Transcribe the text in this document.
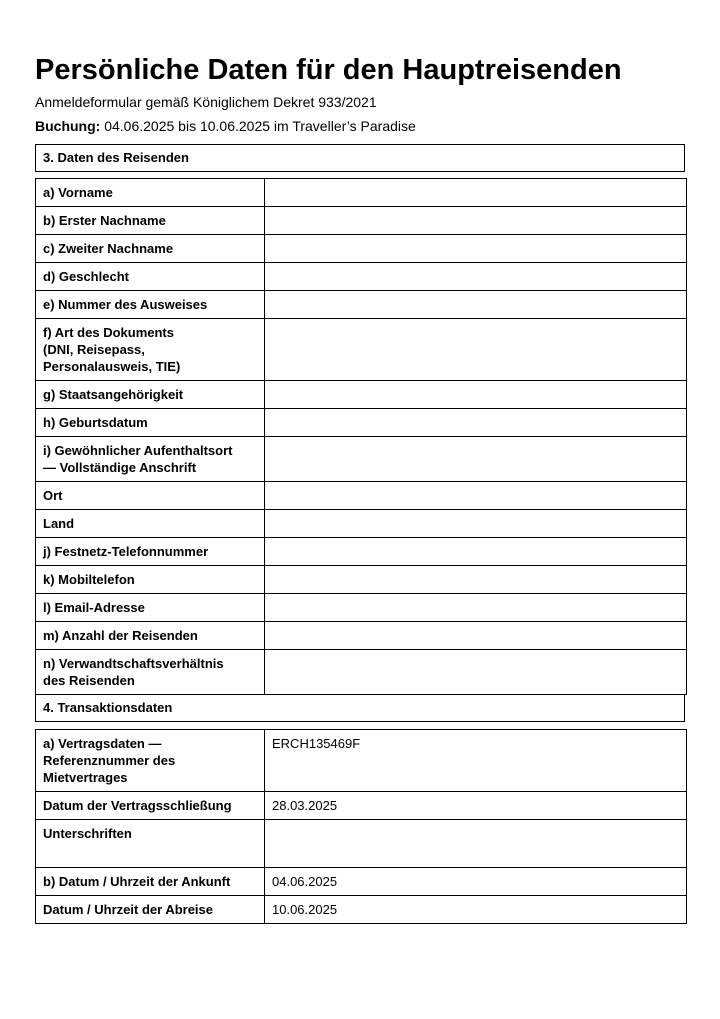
Persönliche Daten für den Hauptreisenden
Anmeldeformular gemäß Königlichem Dekret 933/2021
Buchung: 04.06.2025 bis 10.06.2025 im Traveller’s Paradise
3. Daten des Reisenden
a) Vorname	
b) Erster Nachname	
c) Zweiter Nachname	
d) Geschlecht	
e) Nummer des Ausweises	
f) Art des Dokuments
(DNI, Reisepass,
Personalausweis, TIE)	
g) Staatsangehörigkeit	
h) Geburtsdatum	
i) Gewöhnlicher Aufenthaltsort
— Vollständige Anschrift	
Ort	
Land	
j) Festnetz-Telefonnummer	
k) Mobiltelefon	
l) Email-Adresse	
m) Anzahl der Reisenden	
n) Verwandtschaftsverhältnis
des Reisenden	
4. Transaktionsdaten
a) Vertragsdaten —
Referenznummer des
Mietvertrages	ERCH135469F
Datum der Vertragsschließung	28.03.2025
Unterschriften	
b) Datum / Uhrzeit der Ankunft	04.06.2025
Datum / Uhrzeit der Abreise	10.06.2025
